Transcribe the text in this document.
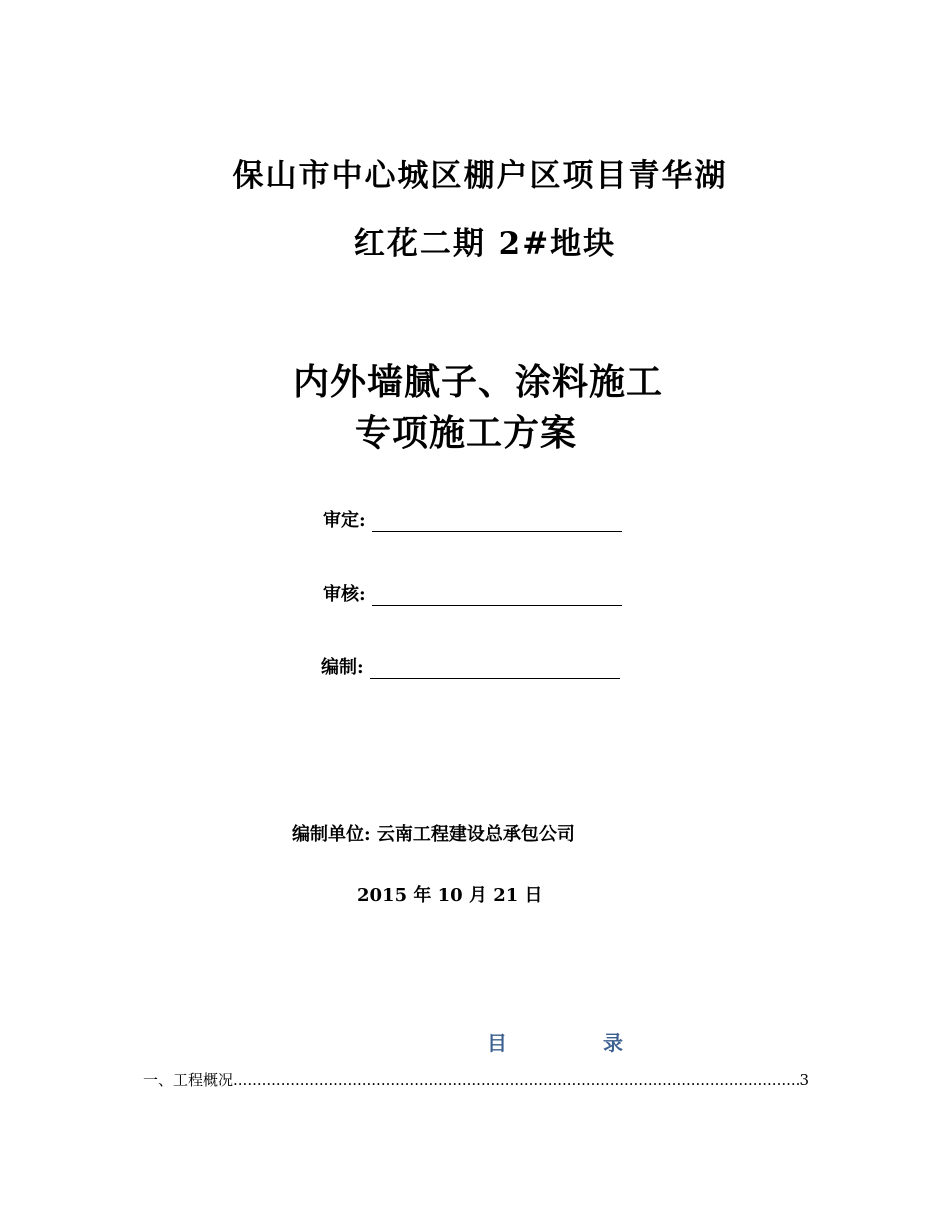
保山市中心城区棚户区项目青华湖
红花二期 2#地块
内外墙腻子、涂料施工
专项施工方案
审定:
审核:
编制:
编制单位: 云南工程建设总承包公司
2015 年 10 月 21 日
目	录
一、工程概况
.....	3
